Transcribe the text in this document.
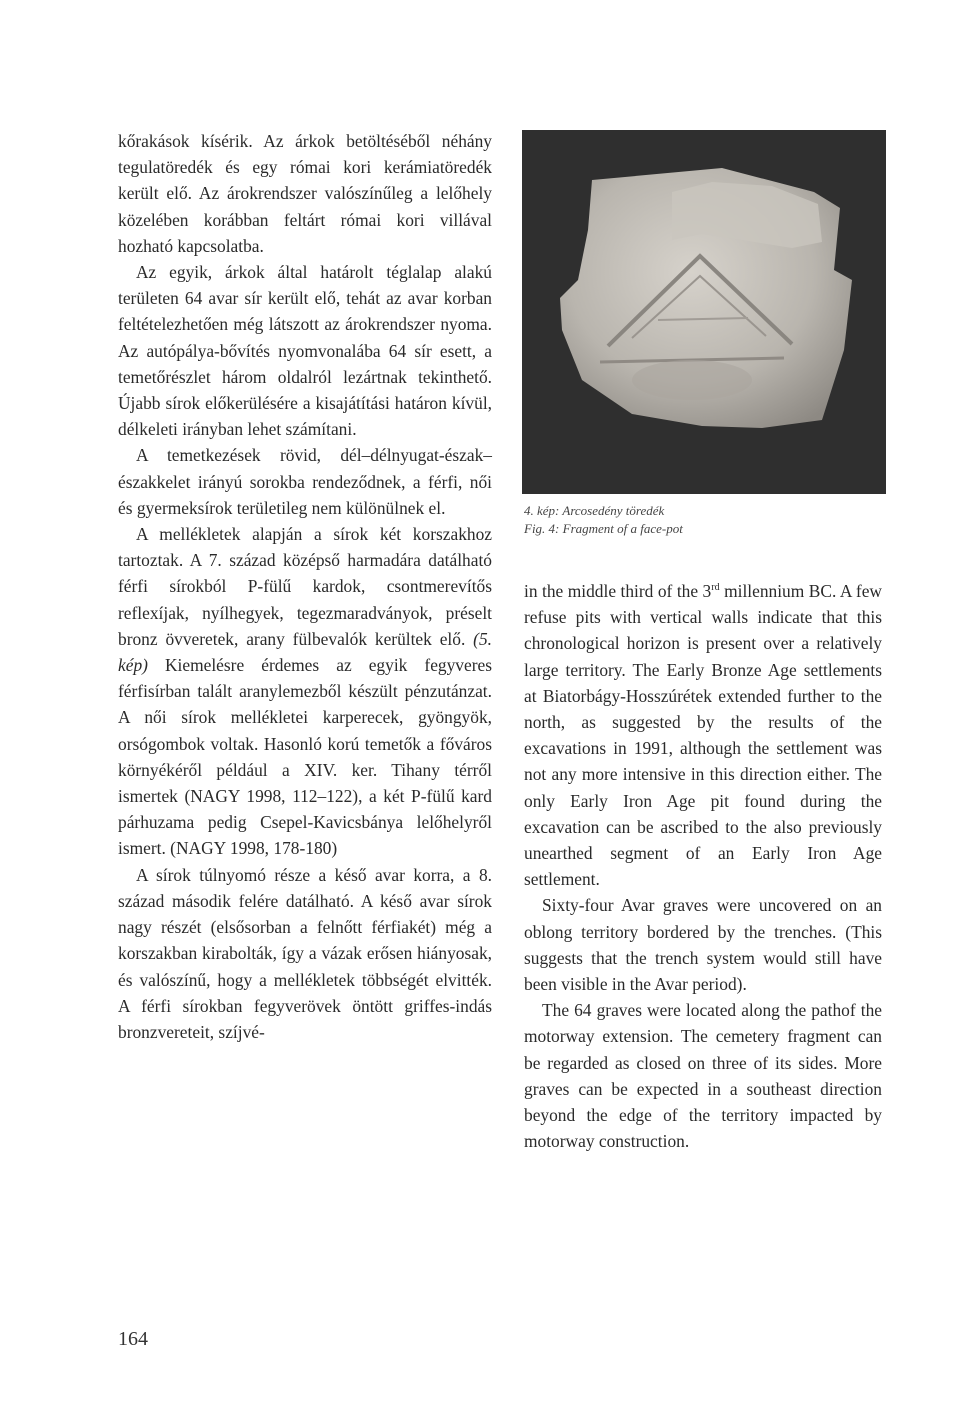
kőrakások kísérik. Az árkok betöltéséből néhány tegulatöredék és egy római kori kerámiatöredék került elő. Az árokrendszer valószínűleg a lelőhely közelében korábban feltárt római kori villával hozható kapcsolatba.

Az egyik, árkok által határolt téglalap alakú területen 64 avar sír került elő, tehát az avar korban feltételezhetően még látszott az árokrendszer nyoma. Az autópálya-bővítés nyomvonalába 64 sír esett, a temetőrészlet három oldalról lezártnak tekinthető. Újabb sírok előkerülésére a kisajátítási határon kívül, délkeleti irányban lehet számítani.

A temetkezések rövid, dél–délnyugat-észak–északkelet irányú sorokba rendeződnek, a férfi, női és gyermeksírok területileg nem különülnek el.

A mellékletek alapján a sírok két korszakhoz tartoztak. A 7. század középső harmadára datálható férfi sírokból P-fülű kardok, csontmerevítős reflexíjak, nyílhegyek, tegezmaradványok, préselt bronz övveretek, arany fülbevalók kerültek elő. (5. kép) Kiemelésre érdemes az egyik fegyveres férfisírban talált aranylemezből készült pénzutánzat. A női sírok mellékletei karperecek, gyöngyök, orsógombok voltak. Hasonló korú temetők a főváros környékéről például a XIV. ker. Tihany térről ismertek (NAGY 1998, 112–122), a két P-fülű kard párhuzama pedig Csepel-Kavicsbánya lelőhelyről ismert. (NAGY 1998, 178-180)

A sírok túlnyomó része a késő avar korra, a 8. század második felére datálható. A késő avar sírok nagy részét (elsősorban a felnőtt férfiakét) még a korszakban kirabolták, így a vázak erősen hiányosak, és valószínű, hogy a mellékletek többségét elvitték. A férfi sírokban fegyverövek öntött griffes-indás bronzvereteit, szíjvé-

4. kép: Arcosedény töredék
Fig. 4: Fragment of a face-pot

in the middle third of the 3rd millennium BC. A few refuse pits with vertical walls indicate that this chronological horizon is present over a relatively large territory. The Early Bronze Age settlements at Biatorbágy-Hosszúrétek extended further to the north, as suggested by the results of the excavations in 1991, although the settlement was not any more intensive in this direction either. The only Early Iron Age pit found during the excavation can be ascribed to the also previously unearthed segment of an Early Iron Age settlement.

Sixty-four Avar graves were uncovered on an oblong territory bordered by the trenches. (This suggests that the trench system would still have been visible in the Avar period).

The 64 graves were located along the pathof the motorway extension. The cemetery fragment can be regarded as closed on three of its sides. More graves can be expected in a southeast direction beyond the edge of the territory impacted by motorway construction.

164
